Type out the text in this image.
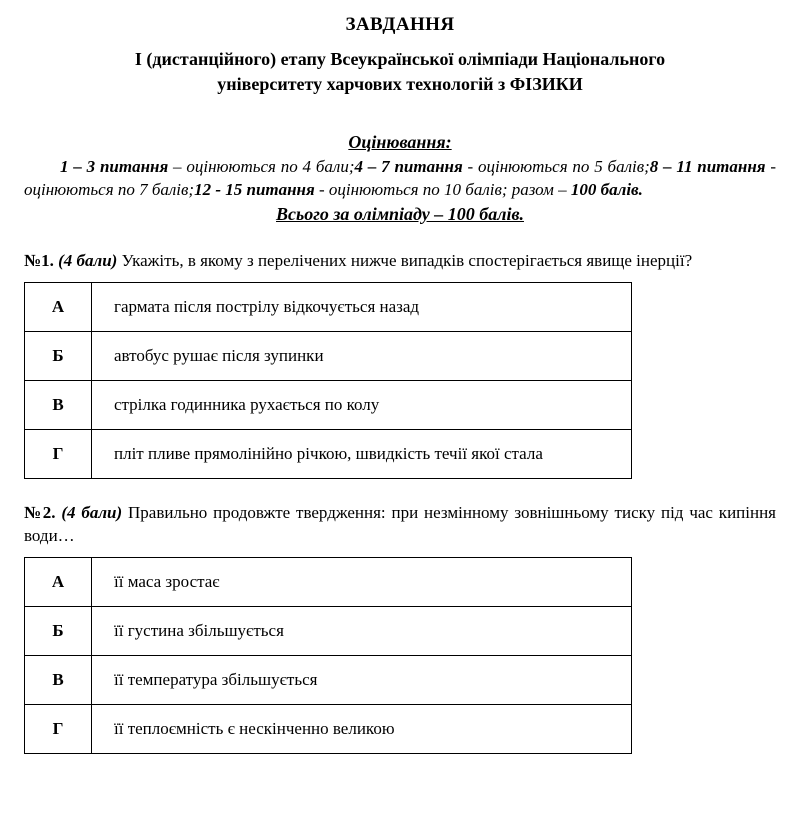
ЗАВДАННЯ
І (дистанційного) етапу Всеукраїнської олімпіади Національного
університету харчових технологій з ФІЗИКИ
Оцінювання:
1 – 3 питання – оцінюються по 4 бали;4 – 7 питання - оцінюються по 5 балів;8 – 11 питання - оцінюються по 7 балів;12 - 15 питання - оцінюються по 10 балів; разом – 100 балів.
Всього за олімпіаду – 100 балів.
№1. (4 бали) Укажіть, в якому з перелічених нижче випадків спостерігається явище інерції?
А	гармата після пострілу відкочується назад
Б	автобус рушає після зупинки
В	стрілка годинника рухається по колу
Г	пліт пливе прямолінійно річкою, швидкість течії якої стала
№2. (4 бали) Правильно продовжте твердження: при незмінному зовнішньому тиску під час кипіння води…
А	її маса зростає
Б	її густина збільшується
В	її температура збільшується
Г	її теплоємність є нескінченно великою
